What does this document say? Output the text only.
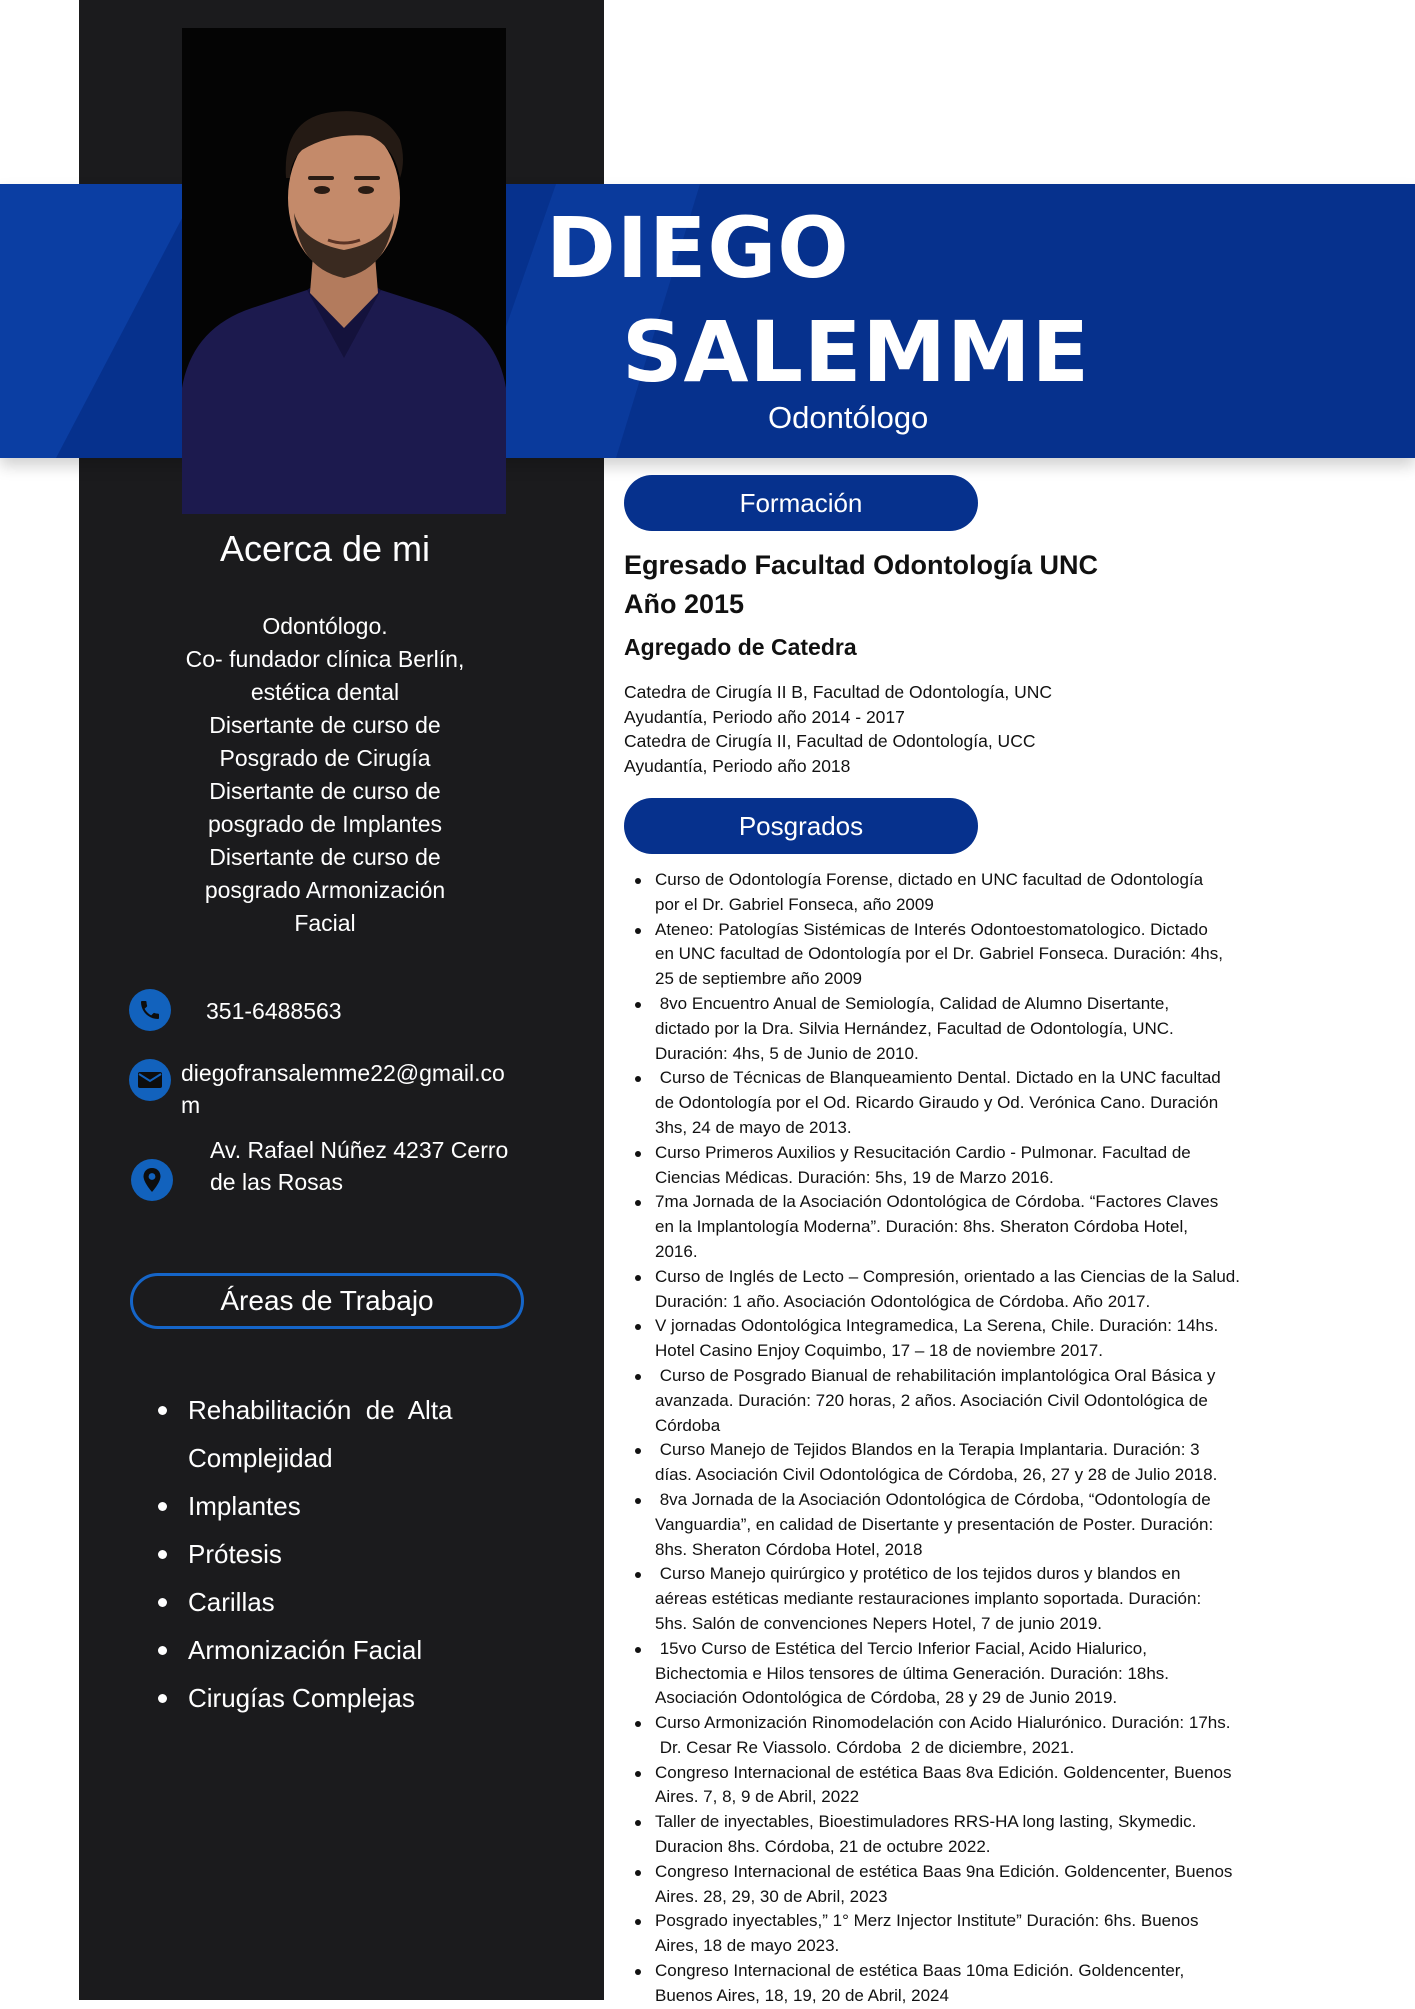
DIEGO
SALEMME
Odontólogo
Acerca de mi
Odontólogo.
Co- fundador clínica Berlín,
estética dental
Disertante de curso de
Posgrado de Cirugía
Disertante de curso de
posgrado de Implantes
Disertante de curso de
posgrado Armonización
Facial
351-6488563
diegofransalemme22@gmail.co
m
Av. Rafael Núñez 4237 Cerro
de las Rosas
Áreas de Trabajo
Rehabilitación  de  Alta
Complejidad
Implantes
Prótesis
Carillas
Armonización Facial
Cirugías Complejas
Formación
Egresado Facultad Odontología UNC
Año 2015
Agregado de Catedra
Catedra de Cirugía II B, Facultad de Odontología, UNC
Ayudantía, Periodo año 2014 - 2017
Catedra de Cirugía II, Facultad de Odontología, UCC
Ayudantía, Periodo año 2018
Posgrados
Curso de Odontología Forense, dictado en UNC facultad de Odontología
por el Dr. Gabriel Fonseca, año 2009
Ateneo: Patologías Sistémicas de Interés Odontoestomatologico. Dictado
en UNC facultad de Odontología por el Dr. Gabriel Fonseca. Duración: 4hs,
25 de septiembre año 2009
8vo Encuentro Anual de Semiología, Calidad de Alumno Disertante,
dictado por la Dra. Silvia Hernández, Facultad de Odontología, UNC.
Duración: 4hs, 5 de Junio de 2010.
Curso de Técnicas de Blanqueamiento Dental. Dictado en la UNC facultad
de Odontología por el Od. Ricardo Giraudo y Od. Verónica Cano. Duración
3hs, 24 de mayo de 2013.
Curso Primeros Auxilios y Resucitación Cardio - Pulmonar. Facultad de
Ciencias Médicas. Duración: 5hs, 19 de Marzo 2016.
7ma Jornada de la Asociación Odontológica de Córdoba. “Factores Claves
en la Implantología Moderna”. Duración: 8hs. Sheraton Córdoba Hotel,
2016.
Curso de Inglés de Lecto – Compresión, orientado a las Ciencias de la Salud.
Duración: 1 año. Asociación Odontológica de Córdoba. Año 2017.
V jornadas Odontológica Integramedica, La Serena, Chile. Duración: 14hs.
Hotel Casino Enjoy Coquimbo, 17 – 18 de noviembre 2017.
Curso de Posgrado Bianual de rehabilitación implantológica Oral Básica y
avanzada. Duración: 720 horas, 2 años. Asociación Civil Odontológica de
Córdoba
Curso Manejo de Tejidos Blandos en la Terapia Implantaria. Duración: 3
días. Asociación Civil Odontológica de Córdoba, 26, 27 y 28 de Julio 2018.
8va Jornada de la Asociación Odontológica de Córdoba, “Odontología de
Vanguardia”, en calidad de Disertante y presentación de Poster. Duración:
8hs. Sheraton Córdoba Hotel, 2018
Curso Manejo quirúrgico y protético de los tejidos duros y blandos en
aéreas estéticas mediante restauraciones implanto soportada. Duración:
5hs. Salón de convenciones Nepers Hotel, 7 de junio 2019.
15vo Curso de Estética del Tercio Inferior Facial, Acido Hialurico,
Bichectomia e Hilos tensores de última Generación. Duración: 18hs.
Asociación Odontológica de Córdoba, 28 y 29 de Junio 2019.
Curso Armonización Rinomodelación con Acido Hialurónico. Duración: 17hs.
Dr. Cesar Re Viassolo. Córdoba  2 de diciembre, 2021.
Congreso Internacional de estética Baas 8va Edición. Goldencenter, Buenos
Aires. 7, 8, 9 de Abril, 2022
Taller de inyectables, Bioestimuladores RRS-HA long lasting, Skymedic.
Duracion 8hs. Córdoba, 21 de octubre 2022.
Congreso Internacional de estética Baas 9na Edición. Goldencenter, Buenos
Aires. 28, 29, 30 de Abril, 2023
Posgrado inyectables,” 1° Merz Injector Institute” Duración: 6hs. Buenos
Aires, 18 de mayo 2023.
Congreso Internacional de estética Baas 10ma Edición. Goldencenter,
Buenos Aires, 18, 19, 20 de Abril, 2024
